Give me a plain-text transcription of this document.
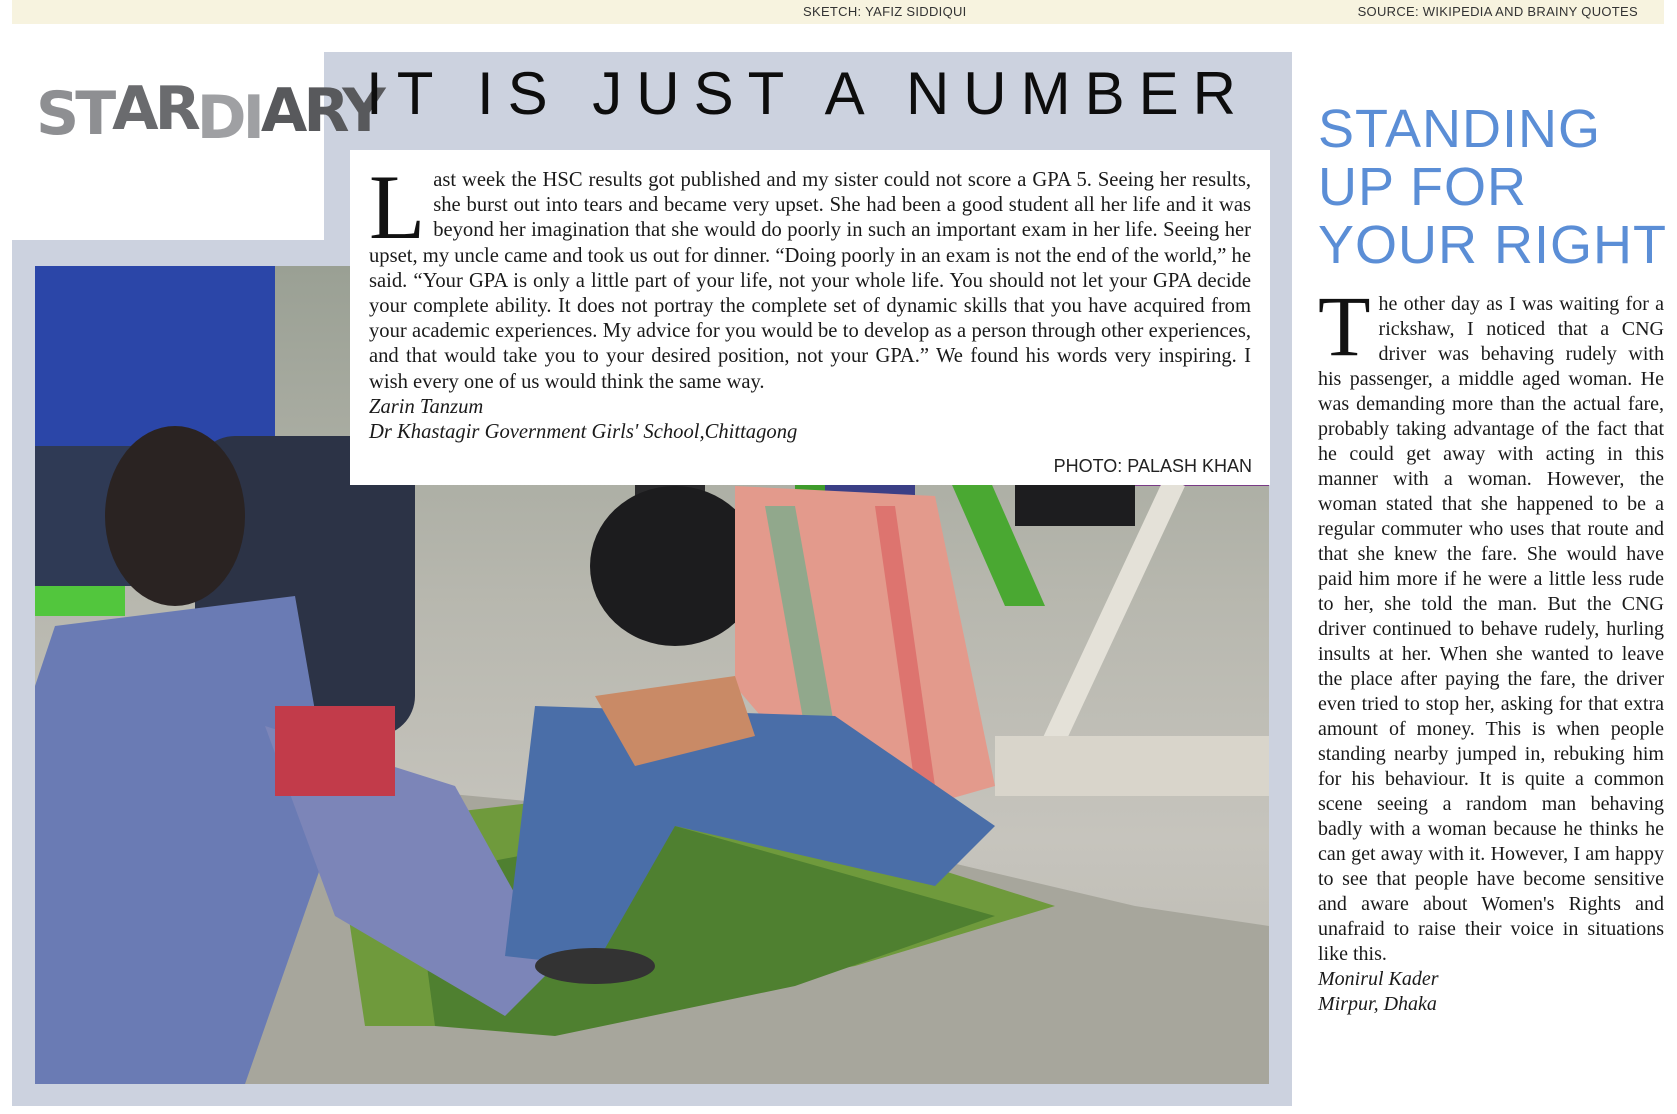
SKETCH: YAFIZ SIDDIQUI	SOURCE: WIKIPEDIA AND BRAINY QUOTES
ST AR DI ARY
IT IS JUST A NUMBER

Last week the HSC results got published and my sister could not score a GPA 5. Seeing her results, she burst out into tears and became very upset. She had been a good student all her life and it was beyond her imagination that she would do poorly in such an important exam in her life. Seeing her upset, my uncle came and took us out for dinner. “Doing poorly in an exam is not the end of the world,” he said. “Your GPA is only a little part of your life, not your whole life. You should not let your GPA decide your complete ability. It does not portray the complete set of dynamic skills that you have acquired from your academic experiences. My advice for you would be to develop as a person through other experiences, and that would take you to your desired position, not your GPA.” We found his words very inspiring. I wish every one of us would think the same way.

Zarin Tanzum

Dr Khastagir Government Girls' School,Chittagong

PHOTO: PALASH KHAN
STANDING
UP FOR
YOUR RIGHT

The other day as I was waiting for a rickshaw, I noticed that a CNG driver was behaving rudely with his passenger, a middle aged woman. He was demanding more than the actual fare, probably taking advantage of the fact that he could get away with acting in this manner with a woman. However, the woman stated that she happened to be a regular commuter who uses that route and that she knew the fare. She would have paid him more if he were a little less rude to her, she told the man. But the CNG driver continued to behave rudely, hurling insults at her. When she wanted to leave the place after paying the fare, the driver even tried to stop her, asking for that extra amount of money. This is when people standing nearby jumped in, rebuking him for his behaviour. It is quite a common scene seeing a random man behaving badly with a woman because he thinks he can get away with it. However, I am happy to see that people have become sensitive and aware about Women's Rights and unafraid to raise their voice in situations like this.

Monirul Kader

Mirpur, Dhaka
